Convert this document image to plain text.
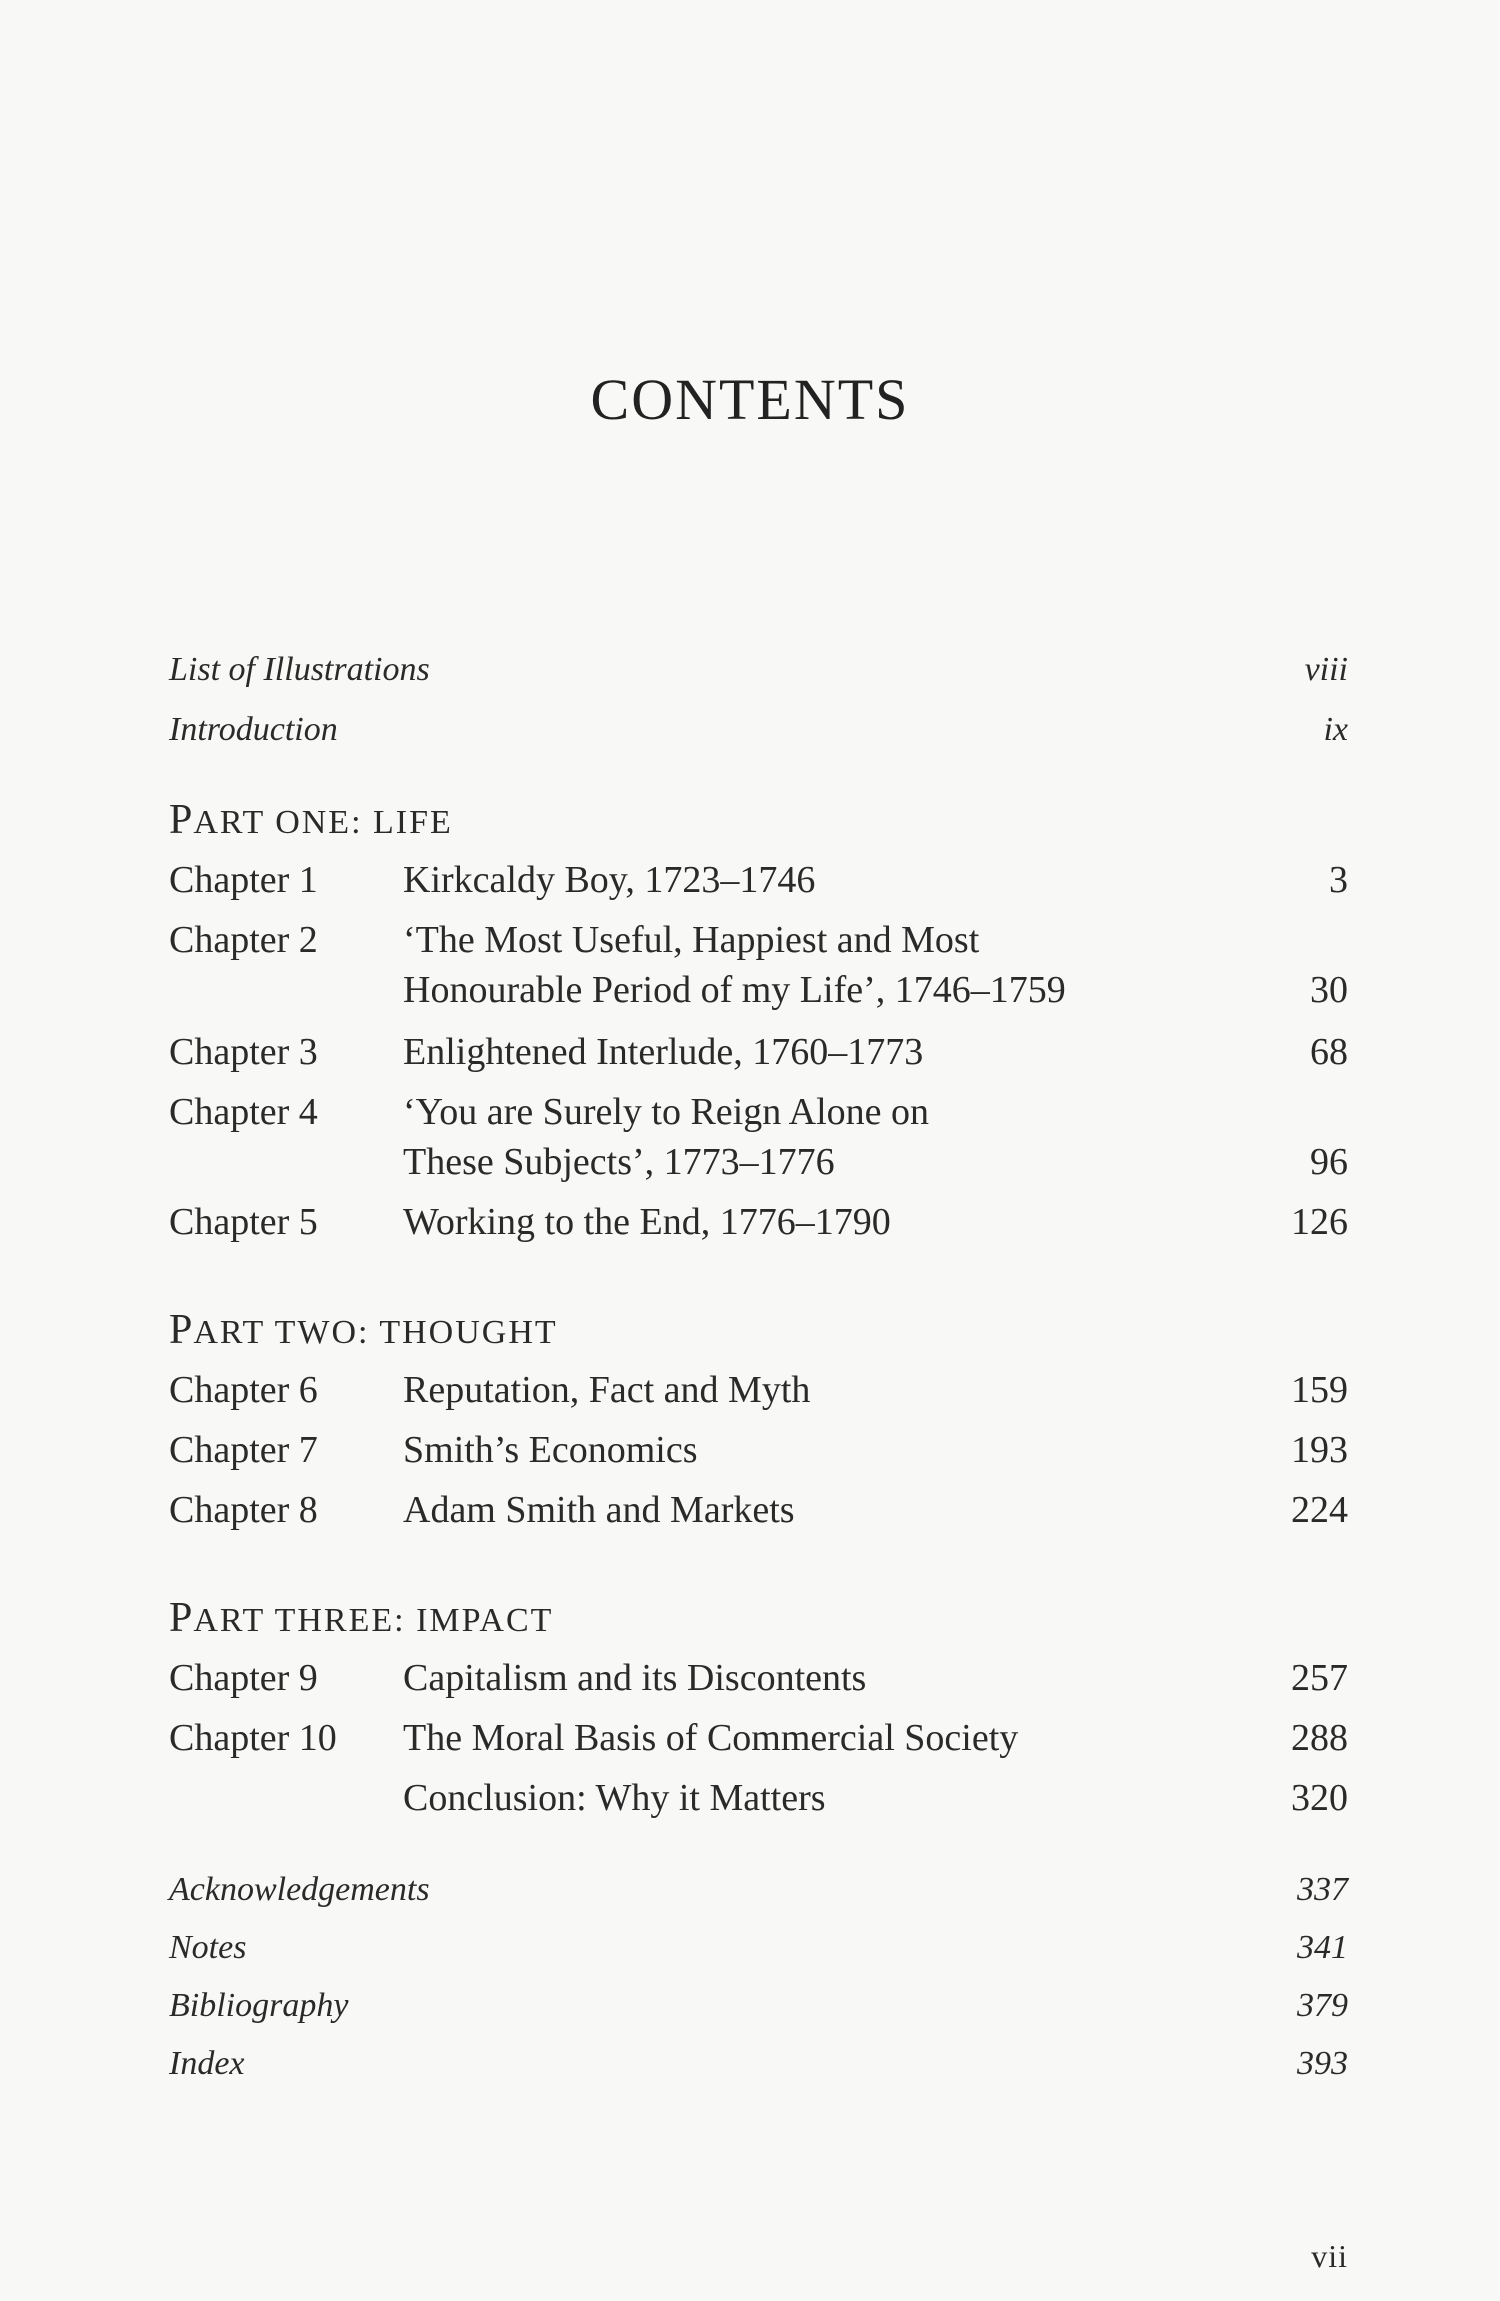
CONTENTS
List of Illustrations	viii
Introduction	ix
PART ONE: LIFE
Chapter 1 Kirkcaldy Boy, 1723–1746	3
Chapter 2 ‘The Most Useful, Happiest and Most
Honourable Period of my Life’, 1746–1759	30
Chapter 3 Enlightened Interlude, 1760–1773	68
Chapter 4 ‘You are Surely to Reign Alone on
These Subjects’, 1773–1776	96
Chapter 5 Working to the End, 1776–1790	126
PART TWO: THOUGHT
Chapter 6 Reputation, Fact and Myth	159
Chapter 7 Smith’s Economics	193
Chapter 8 Adam Smith and Markets	224
PART THREE: IMPACT
Chapter 9 Capitalism and its Discontents	257
Chapter 10 The Moral Basis of Commercial Society	288
Conclusion: Why it Matters	320
Acknowledgements	337
Notes	341
Bibliography	379
Index	393
vii
